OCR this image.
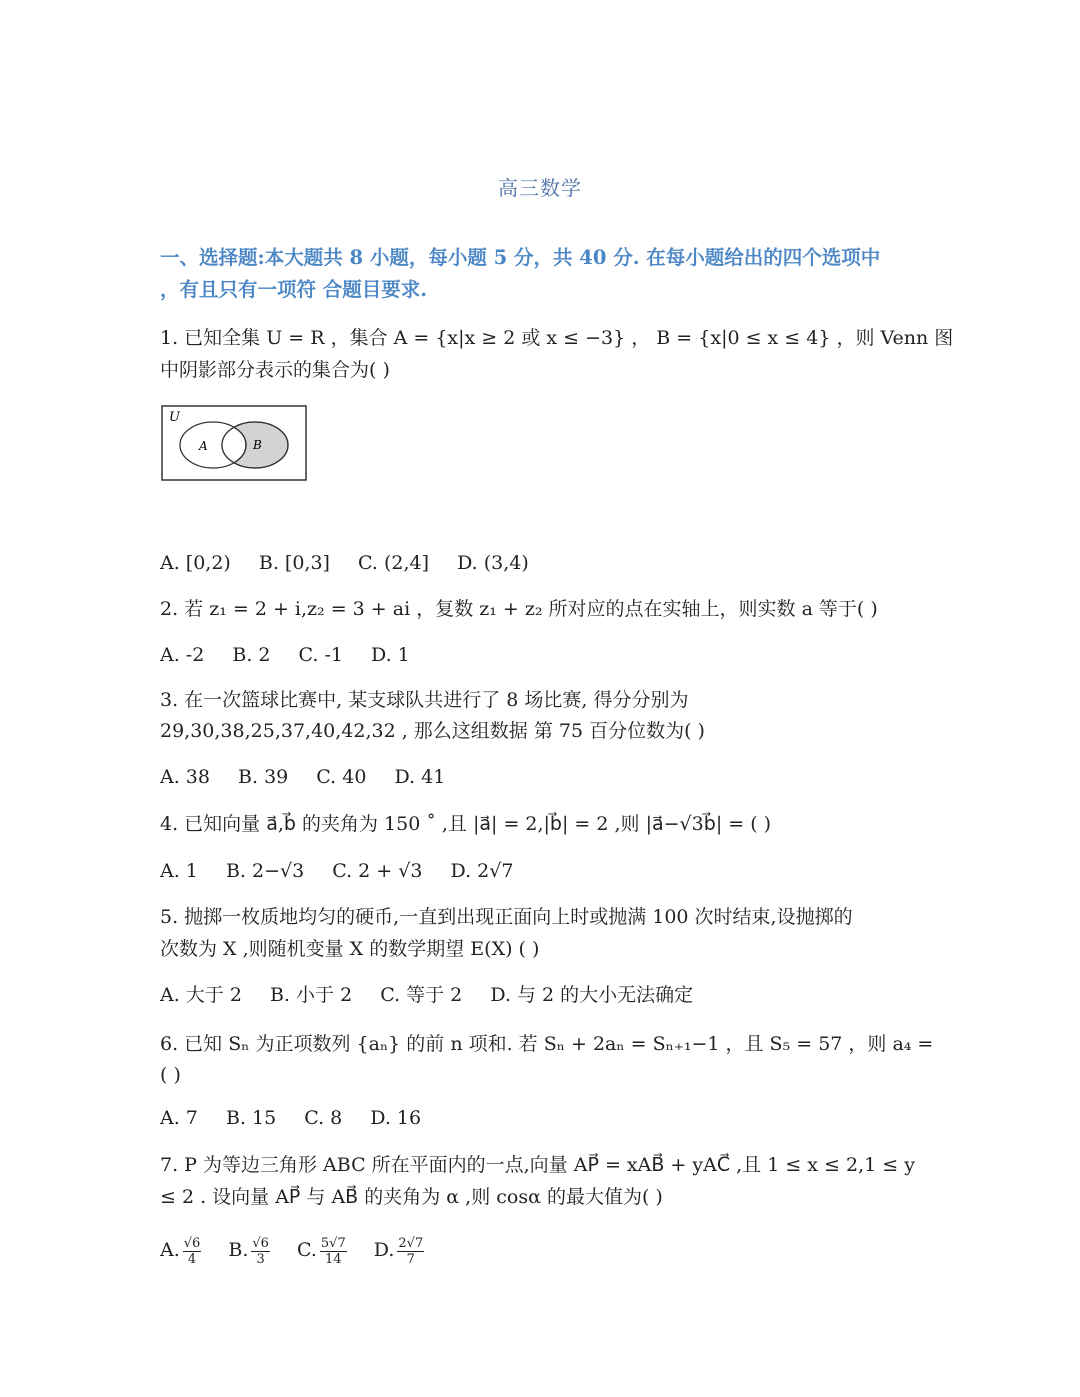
高三数学
一、选择题:本大题共 8 小题，每小题 5 分，共 40 分. 在每小题给出的四个选项中
，有且只有一项符 合题目要求.
1. 已知全集 U = R ，集合 A = {x|x ≥ 2 或 x ≤ −3} ， B = {x|0 ≤ x ≤ 4} ，则 Venn 图
中阴影部分表示的集合为( )
U
A	B
A. [0,2) B. [0,3] C. (2,4] D. (3,4)
2. 若 z₁ = 2 + i,z₂ = 3 + ai ，复数 z₁ + z₂ 所对应的点在实轴上，则实数 a 等于( )
A. -2 B. 2 C. -1 D. 1
3. 在一次篮球比赛中, 某支球队共进行了 8 场比赛, 得分分别为
29,30,38,25,37,40,42,32 , 那么这组数据 第 75 百分位数为( )
A. 38 B. 39 C. 40 D. 41
4. 已知向量 a⃗,b⃗ 的夹角为 150 ˚ ,且 |a⃗| = 2,|b⃗| = 2 ,则 |a⃗−√3b⃗| = ( )
A. 1 B. 2−√3 C. 2 + √3 D. 2√7
5. 抛掷一枚质地均匀的硬币,一直到出现正面向上时或抛满 100 次时结束,设抛掷的
次数为 X ,则随机变量 X 的数学期望 E(X) ( )
A. 大于 2 B. 小于 2 C. 等于 2 D. 与 2 的大小无法确定
6. 已知 Sₙ 为正项数列 {aₙ} 的前 n 项和. 若 Sₙ + 2aₙ = Sₙ₊₁−1 ，且 S₅ = 57 ，则 a₄ =
( )
A. 7 B. 15 C. 8 D. 16
7. P 为等边三角形 ABC 所在平面内的一点,向量 AP⃗ = xAB⃗ + yAC⃗ ,且 1 ≤ x ≤ 2,1 ≤ y
≤ 2 . 设向量 AP⃗ 与 AB⃗ 的夹角为 α ,则 cosα 的最大值为( )
A. $\frac{√6}{4} B$. $\frac{√6}{3} C$. $\frac{5√7}{14} D$. $\frac{2√7}{7}$
